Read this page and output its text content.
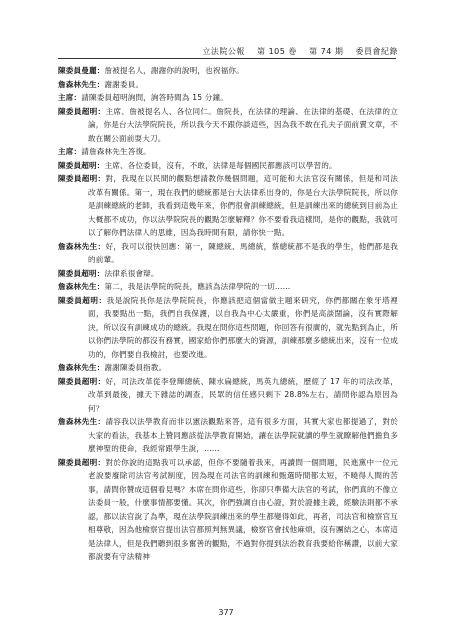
立法院公報 第 105 卷 第 74 期 委員會紀錄

陳委員曼麗：詹被提名人，謝謝你的說明，也祝福你。

詹森林先生：謝謝委員。

主席：請陳委員超明詢問，詢答時間為 15 分鐘。

陳委員超明：主席、詹被提名人、各位同仁。詹院長，在法律的理論、在法律的基礎、在法律的立論，你是台大法學院院長，所以我今天不跟你談這些，因為我不敢在孔夫子面前賣文章，不敢在關公面前耍大刀。

主席：請詹森林先生答復。

陳委員超明：主席、各位委員，沒有，不敢，法律是每個國民都應該可以學習的。

陳委員超明：對，我現在以民間的觀點想請教你幾個問題，這可能和大法官沒有關係，但是和司法改革有關係。第一，現在我們的總統都是台大法律系出身的，你是台大法學院院長，所以你是訓練總統的老師，我看到這幾年來，你們很會訓練總統，但是訓練出來的總統到目前為止大概都不成功，你以法學院院長的觀點怎麼解釋？你不要看我這樣問，是你的觀點，我就可以了解你們法律人的思維，因為我時間有限，請你快一點。

詹森林先生：好，我可以很快回應：第一，陳總統、馬總統，蔡總統都不是我的學生，他們都是我的前輩。

陳委員超明：法律系很會辯。

詹森林先生：第二，我是法學院的院長，應該為法律學院的一切……

陳委員超明：我是說院長你是法學院院長，你應該把這個當做主題來研究，你們都關在象牙塔裡面，我要點出一點，我們自我保護，以自我為中心太嚴重，你們是高談闊論，沒有實際解決，所以沒有訓練成功的總統。我現在問你這些問題，你回答有很廣的，就先點到為止，所以你們法學院的都沒有務實，國家給你們那麼大的資源，訓練那麼多總統出來，沒有一位成功的，你們要自我檢討，也要改進。

詹森林先生：謝謝陳委員指教。

陳委員超明：好，司法改革從李登輝總統、陳水扁總統，馬英九總統，歷經了 17 年的司法改革，改革到最後，據天下雜誌的調查，民眾的信任感只剩下 28.8%左右，請問你認為原因為何？

詹森林先生：請容我以法學教育而非以憲法觀點來答，這有很多方面，其實大家也都提過了，對於大家的看法，我基本上贊同應該從法學教育開始，讓在法學院就讀的學生就瞭解他們擔負多麼神聖的使命，我經常跟學生說，……

陳委員超明：對於你說的這點我可以承認，但你不要隨着我來，再讀問一個問題，民進黨中一位元老說要廢除司法官考試制度，因為現在司法官的訓練和甄選時間都太短，不曉得人間的苦事，請問你贊成這個看見嗎？本席在問你這些，你卻只準備大法官的考試，你們真的不像立法委員一般，什麼事情都要懂。其次，你們強調自由心證，對於證據主義，經驗法則都不承認，都以法官說了為準，現在法學院訓練出來的學生都變得如此，再者，司法官和檢察官互相尊敬，因為他檢察官提出法官都照判無異議，檢察官會找他麻煩，沒有團結之心，本席這是法律人，但是我們聽到很多奮善的觀點，不過對你提到法治教育我要給你稱讚，以前大家都說要有守法精神

377
